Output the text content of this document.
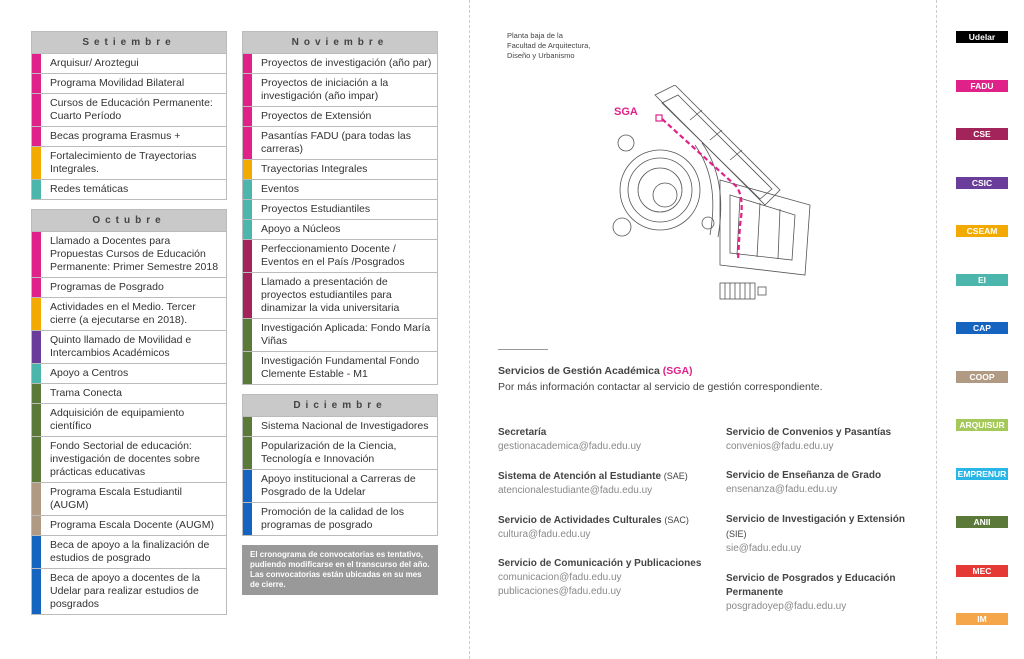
Setiembre
Arquisur/ Aroztegui
Programa Movilidad Bilateral
Cursos de Educación Permanente: Cuarto Período
Becas programa Erasmus +
Fortalecimiento de Trayectorias Integrales.
Redes temáticas
Octubre
Llamado a Docentes para Propuestas Cursos de Educación Permanente: Primer Semestre 2018
Programas de Posgrado
Actividades en el Medio. Tercer cierre (a ejecutarse en 2018).
Quinto llamado de Movilidad e Intercambios Académicos
Apoyo a Centros
Trama Conecta
Adquisición de equipamiento científico
Fondo Sectorial de educación: investigación de docentes sobre prácticas educativas
Programa Escala Estudiantil (AUGM)
Programa Escala Docente (AUGM)
Beca de apoyo a la finalización de estudios de posgrado
Beca de apoyo a docentes de la Udelar para realizar estudios de posgrados
Noviembre
Proyectos de investigación (año par)
Proyectos de iniciación a la investigación (año impar)
Proyectos de Extensión
Pasantías FADU (para todas las carreras)
Trayectorias Integrales
Eventos
Proyectos Estudiantiles
Apoyo a Núcleos
Perfeccionamiento Docente / Eventos en el País /Posgrados
Llamado a presentación de proyectos estudiantiles para dinamizar la vida universitaria
Investigación Aplicada: Fondo María Viñas
Investigación Fundamental Fondo Clemente Estable - M1
Diciembre
Sistema Nacional de Investigadores
Popularización de la Ciencia, Tecnología e Innovación
Apoyo institucional a Carreras de Posgrado de la Udelar
Promoción de la calidad de los programas de posgrado
El cronograma de convocatorias es tentativo, pudiendo modificarse en el transcurso del año. Las convocatorias están ubicadas en su mes de cierre.
Planta baja de la
Facultad de Arquitectura,
Diseño y Urbanismo
SGA
Servicios de Gestión Académica (SGA)
Por más información contactar al servicio de gestión correspondiente.
Udelar
FADU
CSE
CSIC
CSEAM
EI
CAP
COOP
ARQUISUR
EMPRENUR
ANII
MEC
IM
Secretaría
gestionacademica@fadu.edu.uy
Sistema de Atención al Estudiante (SAE)
atencionalestudiante@fadu.edu.uy
Servicio de Actividades Culturales (SAC)
cultura@fadu.edu.uy
Servicio de Comunicación y Publicaciones
comunicacion@fadu.edu.uy
publicaciones@fadu.edu.uy
Servicio de Convenios y Pasantías
convenios@fadu.edu.uy
Servicio de Enseñanza de Grado
ensenanza@fadu.edu.uy
Servicio de Investigación y Extensión (SIE)
sie@fadu.edu.uy
Servicio de Posgrados y Educación Permanente
posgradoyep@fadu.edu.uy
